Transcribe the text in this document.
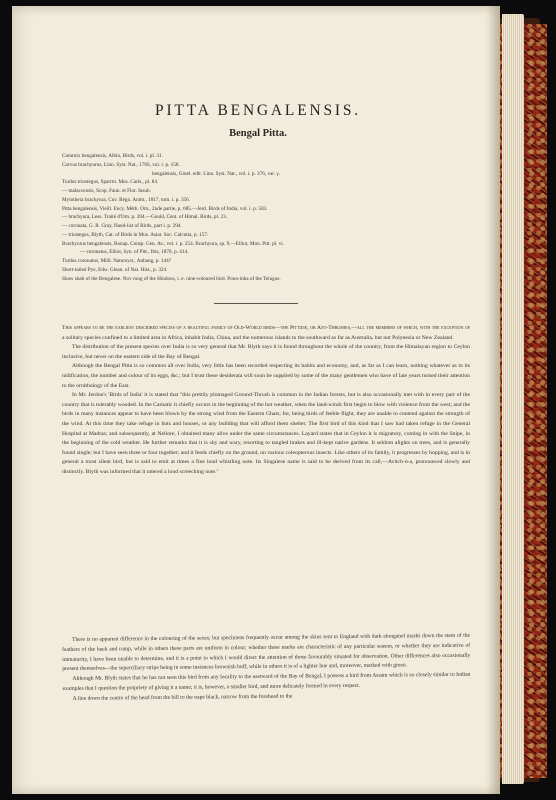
PITTA BENGALENSIS.
Bengal Pitta.
Coturnix bengalensis, Albin, Birds, vol. i. pl. 31.
Corvus brachyurus, Linn. Syst. Nat., 1766, vol. i. p. 158.
bengalensis, Gmel. edit. Linn. Syst. Nat., vol. i. p. 376, var. γ.
Turdus triostegus, Sparrm. Mus. Carls., pl. 84.
— malaccensis, Scop. Faun. et Flor. Insub.
Myiothera brachyura, Cuv. Règn. Anim., 1817, tom. i. p. 356.
Pitta bengalensis, Vieill. Ency. Méth. Orn., 2nde partie, p. 685.—Jerd. Birds of India, vol. i. p. 503.
— brachyura, Less. Traité d'Orn. p. 394.—Gould, Cent. of Himal. Birds, pl. 23.
— coronata, G. R. Gray, Hand-list of Birds, part i. p. 294.
— triostegus, Blyth, Cat. of Birds in Mus. Asiat. Soc. Calcutta, p. 157.
Brachyurus bengalensis, Bonap. Consp. Gen. Av., vol. i. p. 254. Brachyura, sp. 9.—Elliot, Mon. Pitt. pl. vi.
— coronatus, Elliot, Syn. of Pitt., Ibis, 1870, p. 414.
Turdus coronatus, Müll. Natursyst., Anhang, p. 144?
Short-tailed Pye, Edw. Glean. of Nat. Hist., p. 324.
Shaw shah of the Bengalese. Nov rung of the Hindoos, i. e. nine-coloured bird. Ponn-inba of the Telugus.

This appears to be the earliest described species of a beautiful family of Old-World birds—the Pittidæ, or Ant-Thrushes,—all the members of which, with the exception of a solitary species confined to a limited area in Africa, inhabit India, China, and the numerous islands to the southward as far as Australia, but not Polynesia or New Zealand.

The distribution of the present species over India is so very general that Mr. Blyth says it is found throughout the whole of the country, from the Himalayan region to Ceylon inclusive, but never on the eastern side of the Bay of Bengal.

Although the Bengal Pitta is so common all over India, very little has been recorded respecting its habits and economy, and, as far as I can learn, nothing whatever as to its nidification, the number and colour of its eggs, &c.; but I trust these desiderata will soon be supplied by some of the many gentlemen who have of late years turned their attention to the ornithology of the East.

In Mr. Jerdon's 'Birds of India' it is stated that "this prettily plumaged Ground-Thrush is common in the Indian forests, but is also occasionally met with in every part of the country that is tolerably wooded. In the Carnatic it chiefly occurs in the beginning of the hot weather, when the land-winds first begin to blow with violence from the west; and the birds in many instances appear to have been blown by the strong wind from the Eastern Ghats; for, being birds of feeble flight, they are unable to contend against the strength of the wind. At this time they take refuge in huts and houses, or any building that will afford them shelter. The first bird of this kind that I saw had taken refuge in the General Hospital at Madras; and subsequently, at Nellore, I obtained many alive under the same circumstances. Layard states that in Ceylon it is migratory, coming in with the Snipe, in the beginning of the cold weather. He further remarks that it is shy and wary, resorting to tangled brakes and ill-kept native gardens. It seldom alights on trees, and is generally found single; but I have seen three or four together; and it feeds chiefly on the ground, on various coleopterous insects. Like others of its family, it progresses by hopping, and is in general a most silent bird, but is said to emit at times a fine loud whistling note. Its Singalese name is said to be derived from its call,—Avitch-ò-a, pronounced slowly and distinctly. Blyth was informed that it uttered a loud screeching note."

There is no apparent difference in the colouring of the sexes; but specimens frequently occur among the skins sent to England with dark elongated marks down the stem of the feathers of the back and rump, while in others these parts are uniform in colour; whether these marks are characteristic of any particular season, or whether they are indicative of immaturity, I have been unable to determine, and it is a point to which I would direct the attention of those favourably situated for observation. Other differences also occasionally present themselves—the superciliary stripe being in some instances brownish buff, while in others it is of a lighter hue and, moreover, marked with green.

Although Mr. Blyth states that he has not seen this bird from any locality to the eastward of the Bay of Bengal, I possess a bird from Assam which is so closely similar to Indian examples that I question the propriety of giving it a name; it is, however, a smaller bird, and more delicately formed in every respect.

A line down the centre of the head from the bill to the nape black, narrow from the forehead to the
